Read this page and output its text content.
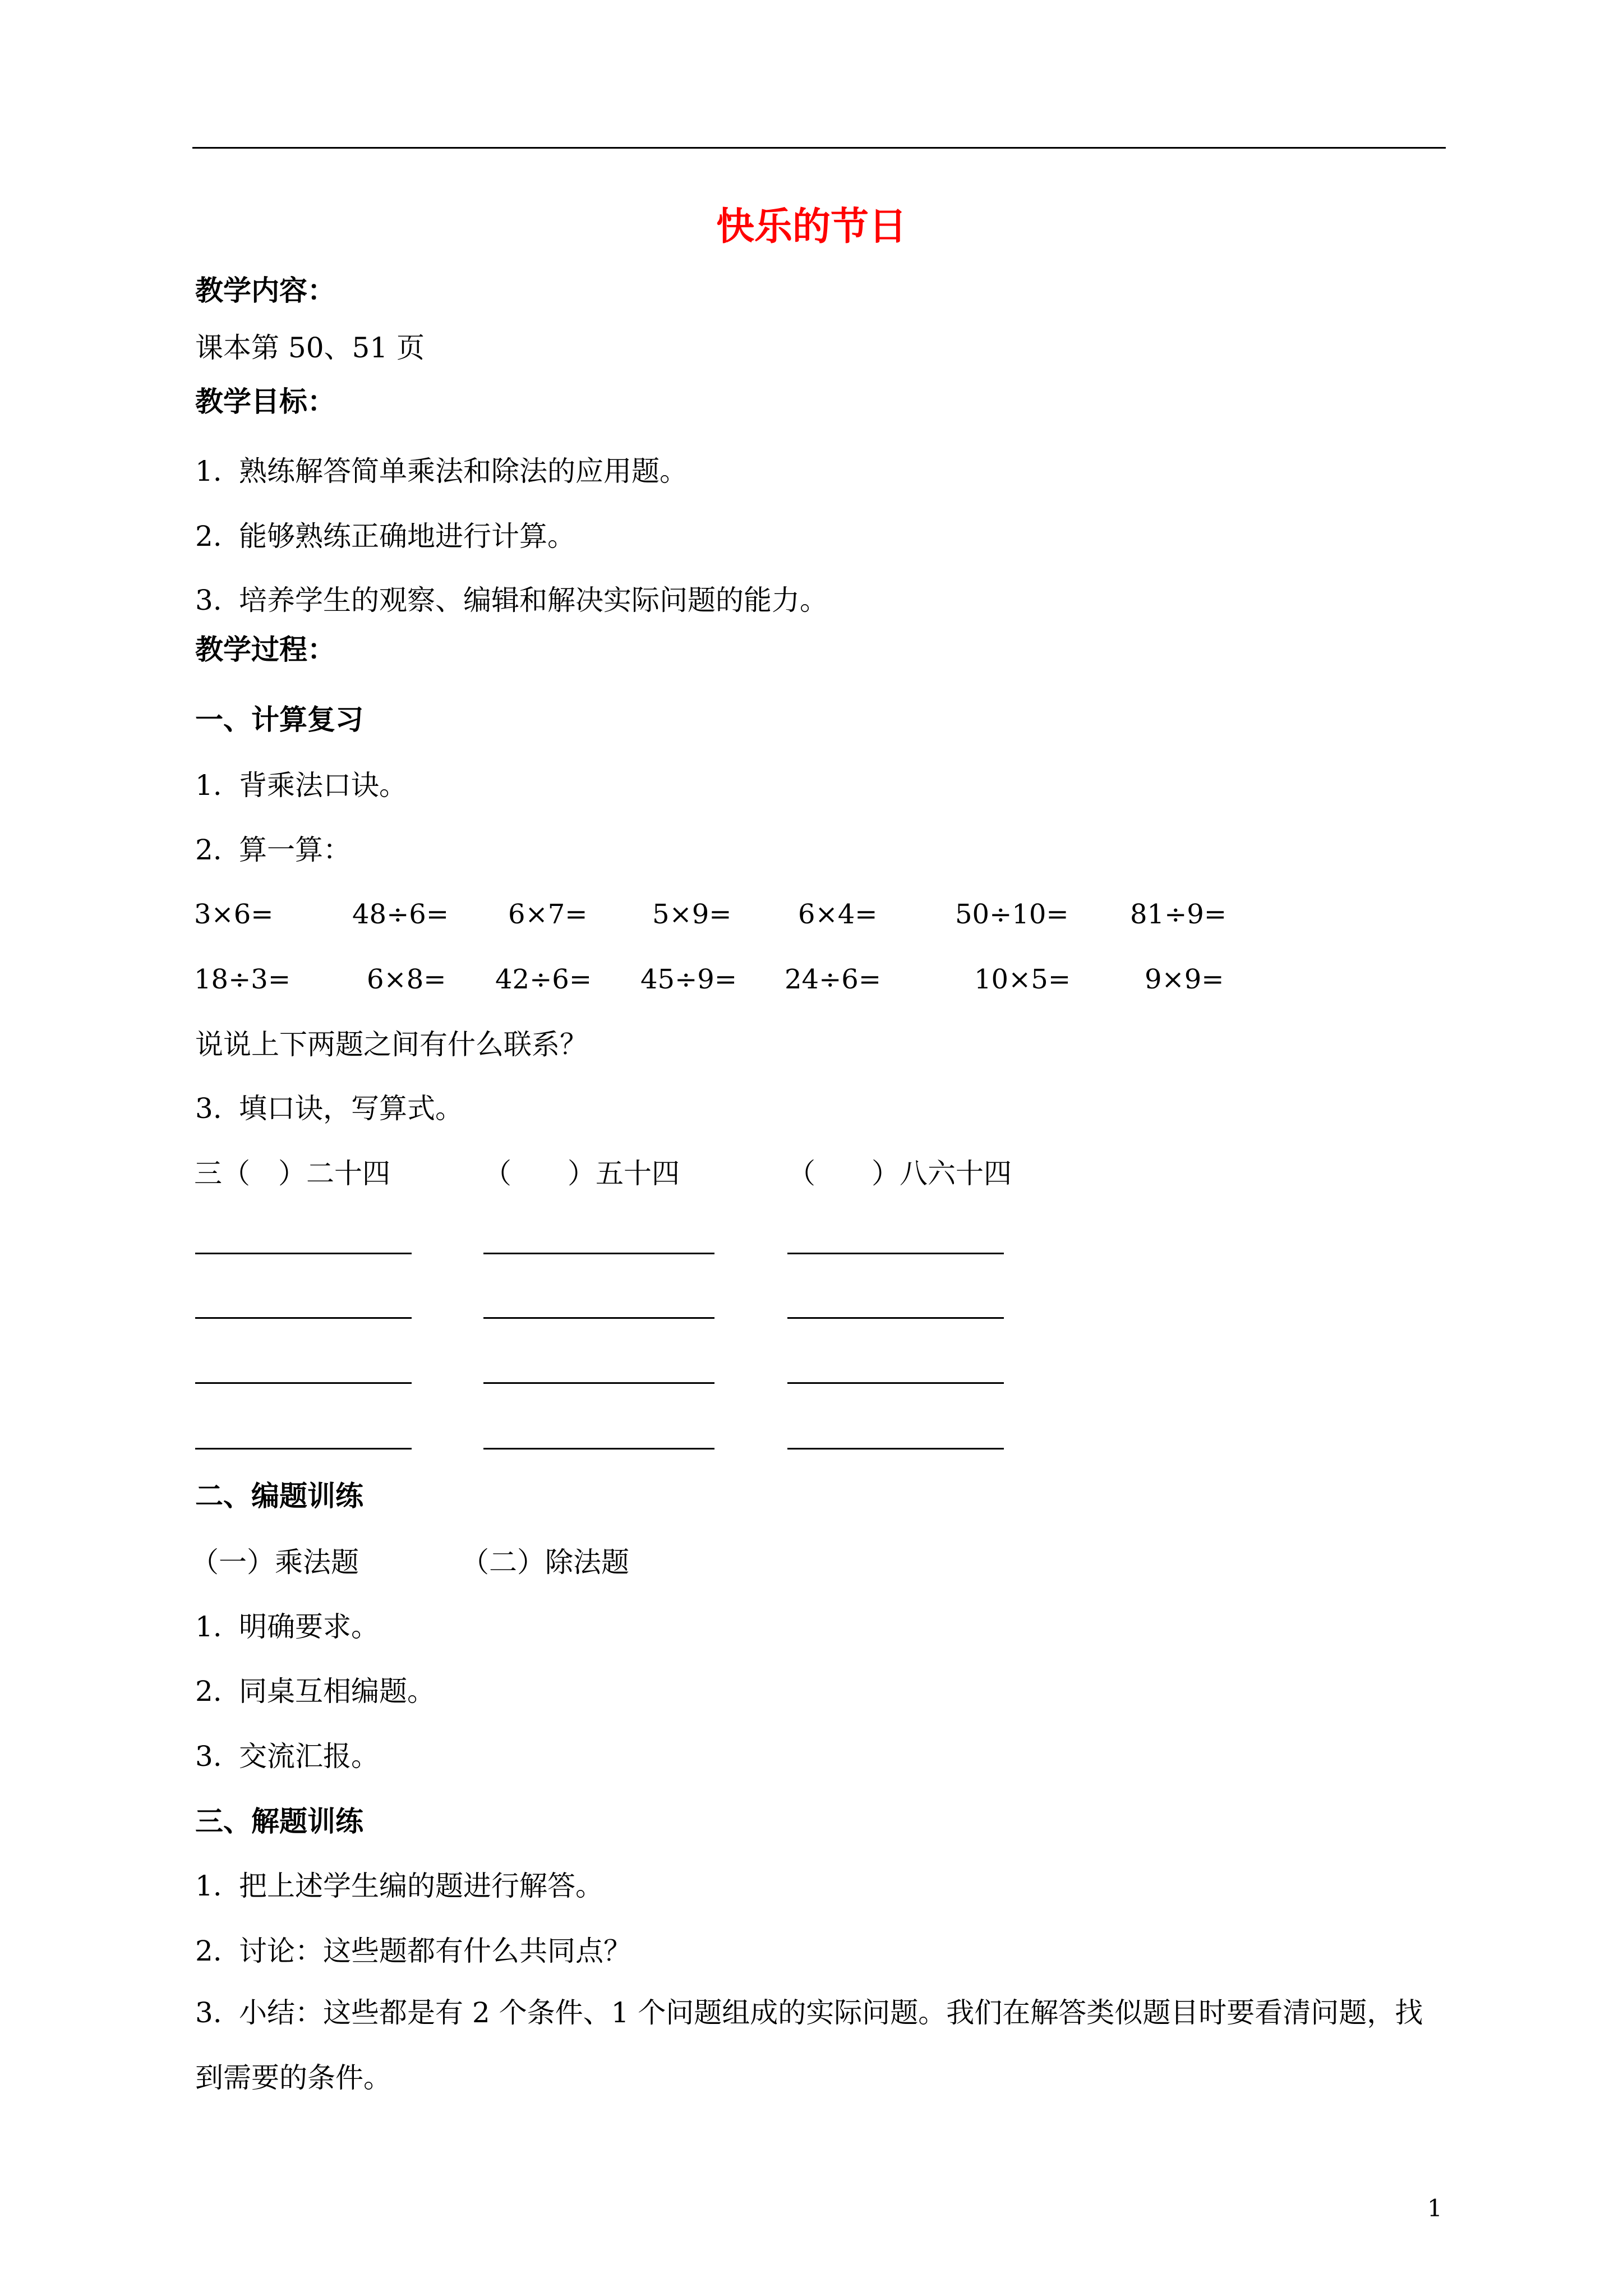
快乐的节日
教学内容：
课本第 50、51 页
教学目标：
1. 熟练解答简单乘法和除法的应用题。
2. 能够熟练正确地进行计算。
3. 培养学生的观察、编辑和解决实际问题的能力。
教学过程：
一、计算复习
1. 背乘法口诀。
2. 算一算：
3×6=	48÷6= 6×7= 5×9= 6×4=	50÷10= 81÷9=
18÷3=	6×8= 42÷6= 45÷9= 24÷6=	10×5=	9×9=
说说上下两题之间有什么联系？
3. 填口诀，写算式。
三（　）二十四	（　　）五十四	（　　）八六十四
二、编题训练
（一）乘法题	（二）除法题
1. 明确要求。
2. 同桌互相编题。
3. 交流汇报。
三、解题训练
1. 把上述学生编的题进行解答。
2. 讨论：这些题都有什么共同点？
3. 小结：这些都是有 2 个条件、1 个问题组成的实际问题。我们在解答类似题目时要看清问题，找到需要的条件。
1
